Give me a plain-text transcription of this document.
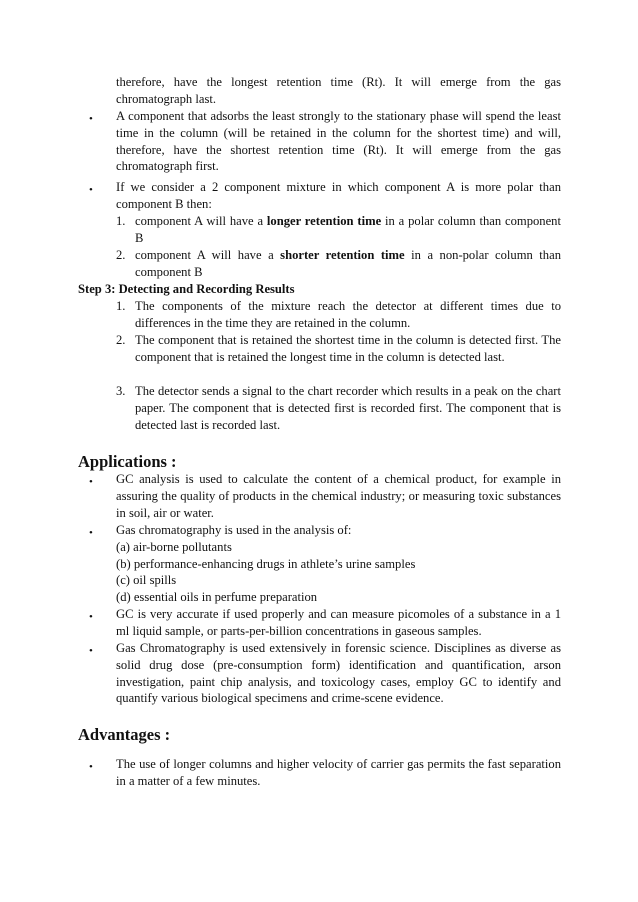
therefore, have the longest retention time (Rt). It will emerge from the gas chromatograph last.

• A component that adsorbs the least strongly to the stationary phase will spend the least time in the column (will be retained in the column for the shortest time) and will, therefore, have the shortest retention time (Rt). It will emerge from the gas chromatograph first.

• If we consider a 2 component mixture in which component A is more polar than component B then:

1. component A will have a longer retention time in a polar column than component B
2. component A will have a shorter retention time in a non-polar column than component B
Step 3: Detecting and Recording Results
1. The components of the mixture reach the detector at different times due to differences in the time they are retained in the column.
2. The component that is retained the shortest time in the column is detected first. The component that is retained the longest time in the column is detected last.
3. The detector sends a signal to the chart recorder which results in a peak on the chart paper. The component that is detected first is recorded first. The component that is detected last is recorded last.
Applications :
• GC analysis is used to calculate the content of a chemical product, for example in assuring the quality of products in the chemical industry; or measuring toxic substances in soil, air or water.

• Gas chromatography is used in the analysis of:

(a) air-borne pollutants

(b) performance-enhancing drugs in athlete’s urine samples

(c) oil spills

(d) essential oils in perfume preparation

• GC is very accurate if used properly and can measure picomoles of a substance in a 1 ml liquid sample, or parts-per-billion concentrations in gaseous samples.

• Gas Chromatography is used extensively in forensic science. Disciplines as diverse as solid drug dose (pre-consumption form) identification and quantification, arson investigation, paint chip analysis, and toxicology cases, employ GC to identify and quantify various biological specimens and crime-scene evidence.

Advantages :
• The use of longer columns and higher velocity of carrier gas permits the fast separation in a matter of a few minutes.
